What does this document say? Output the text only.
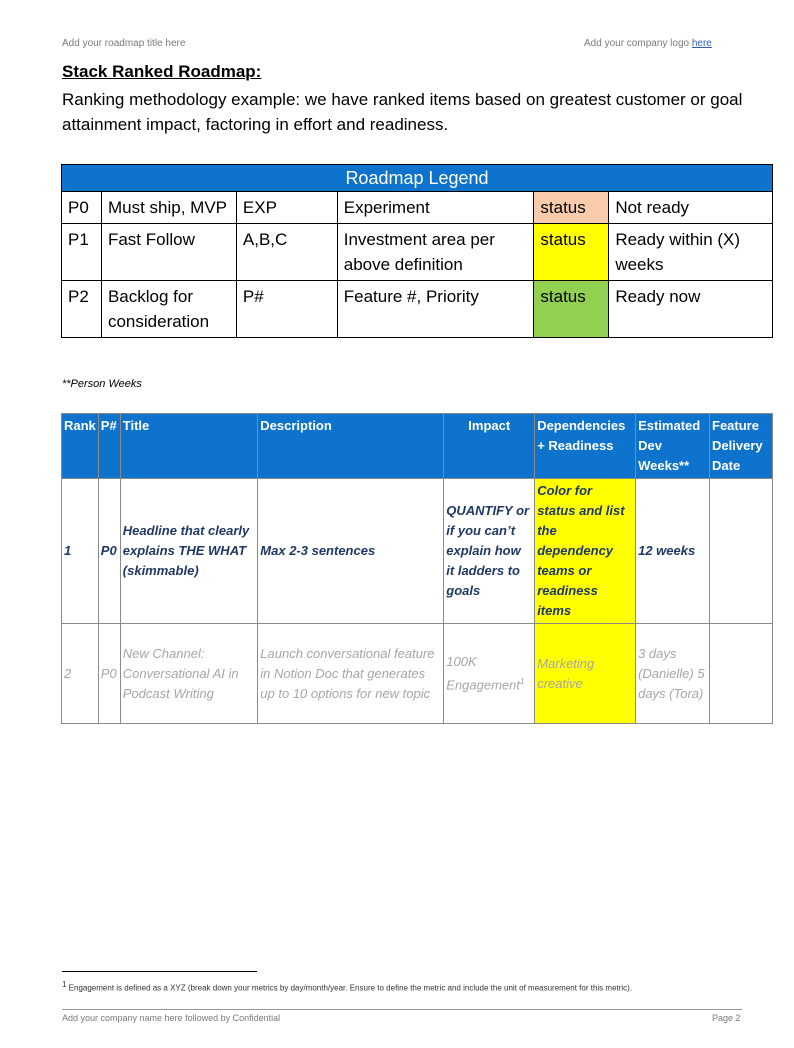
Add your roadmap title here	Add your company logo here
Stack Ranked Roadmap:
Ranking methodology example: we have ranked items based on greatest customer or goal attainment impact, factoring in effort and readiness.
Roadmap Legend					
P0	Must ship, MVP	EXP	Experiment	status	Not ready
P1	Fast Follow	A,B,C	Investment area per above definition	status	Ready within (X) weeks
P2	Backlog for consideration	P#	Feature #, Priority	status	Ready now
**Person Weeks
Rank	P#	Title	Description	Impact	Dependencies + Readiness	Estimated Dev Weeks**	Feature Delivery Date
1	P0	Headline that clearly explains THE WHAT (skimmable)	Max 2-3 sentences	QUANTIFY or if you can’t explain how it ladders to goals	Color for status and list the dependency teams or readiness items	12 weeks	
2	P0	New Channel: Conversational AI in Podcast Writing	Launch conversational feature in Notion Doc that generates up to 10 options for new topic	100K Engagement$^1$	Marketing creative	3 days (Danielle) 5 days (Tora)	
$^1$ Engagement is defined as a XYZ (break down your metrics by day/month/year. Ensure to define the metric and include the unit of measurement for this metric).
Add your company name here followed by Confidential	Page 2
